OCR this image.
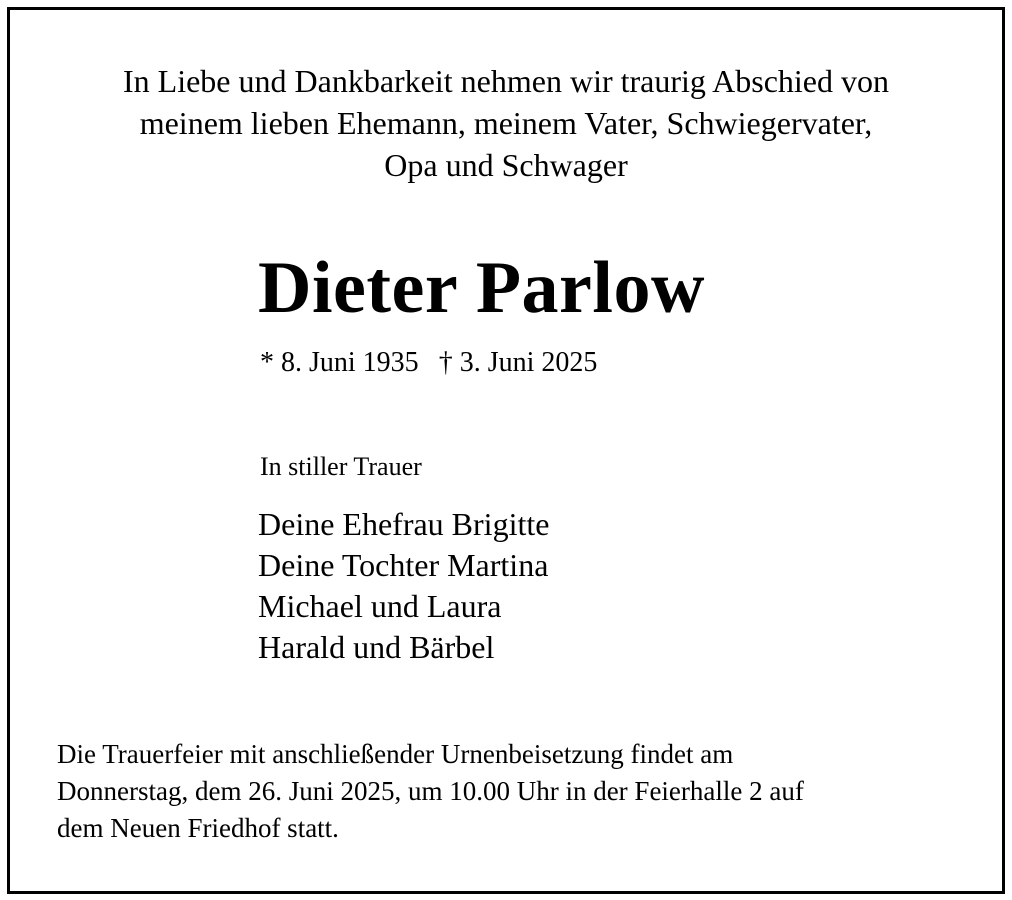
In Liebe und Dankbarkeit nehmen wir traurig Abschied von
meinem lieben Ehemann, meinem Vater, Schwiegervater,
Opa und Schwager

Dieter Parlow
* 8. Juni 1935 † 3. Juni 2025
In stiller Trauer
Deine Ehefrau Brigitte
Deine Tochter Martina
Michael und Laura
Harald und Bärbel

Die Trauerfeier mit anschließender Urnenbeisetzung findet am
Donnerstag, dem 26. Juni 2025, um 10.00 Uhr in der Feierhalle 2 auf
dem Neuen Friedhof statt.
